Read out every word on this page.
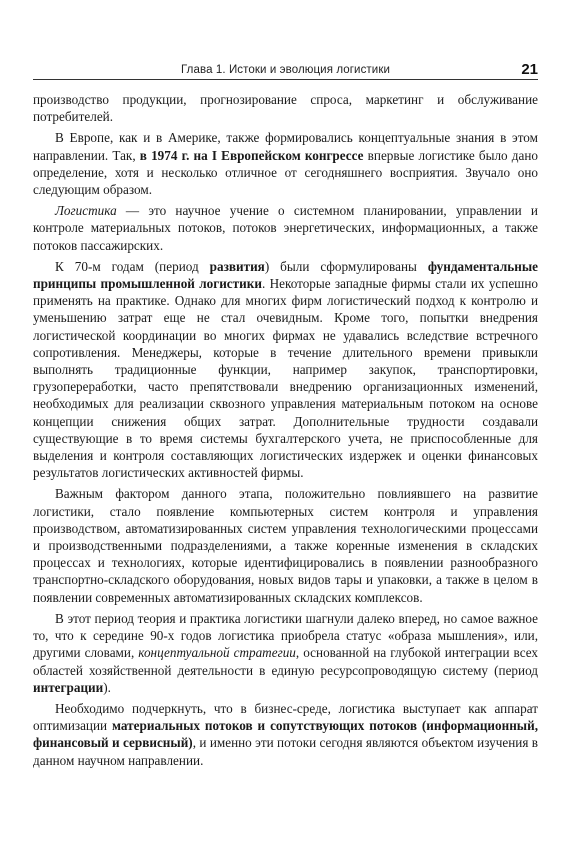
Глава 1. Истоки и эволюция логистики	21

производство продукции, прогнозирование спроса, маркетинг и обслуживание потребителей.

В Европе, как и в Америке, также формировались концептуальные знания в этом направлении. Так, в 1974 г. на I Европейском конгрессе впервые логистике было дано определение, хотя и несколько отличное от сегодняшнего восприятия. Звучало оно следующим образом.

Логистика — это научное учение о системном планировании, управлении и контроле материальных потоков, потоков энергетических, информационных, а также потоков пассажирских.

К 70-м годам (период развития) были сформулированы фундаментальные принципы промышленной логистики. Некоторые западные фирмы стали их успешно применять на практике. Однако для многих фирм логистический подход к контролю и уменьшению затрат еще не стал очевидным. Кроме того, попытки внедрения логистической координации во многих фирмах не удавались вследствие встречного сопротивления. Менеджеры, которые в течение длительного времени привыкли выполнять традиционные функции, например закупок, транспортировки, грузопереработки, часто препятствовали внедрению организационных изменений, необходимых для реализации сквозного управления материальным потоком на основе концепции снижения общих затрат. Дополнительные трудности создавали существующие в то время системы бухгалтерского учета, не приспособленные для выделения и контроля составляющих логистических издержек и оценки финансовых результатов логистических активностей фирмы.

Важным фактором данного этапа, положительно повлиявшего на развитие логистики, стало появление компьютерных систем контроля и управления производством, автоматизированных систем управления технологическими процессами и производственными подразделениями, а также коренные изменения в складских процессах и технологиях, которые идентифицировались в появлении разнообразного транспортно-складского оборудования, новых видов тары и упаковки, а также в целом в появлении современных автоматизированных складских комплексов.

В этот период теория и практика логистики шагнули далеко вперед, но самое важное то, что к середине 90-х годов логистика приобрела статус «образа мышления», или, другими словами, концептуальной стратегии, основанной на глубокой интеграции всех областей хозяйственной деятельности в единую ресурсопроводящую систему (период интеграции).

Необходимо подчеркнуть, что в бизнес-среде, логистика выступает как аппарат оптимизации материальных потоков и сопутствующих потоков (информационный, финансовый и сервисный), и именно эти потоки сегодня являются объектом изучения в данном научном направлении.
